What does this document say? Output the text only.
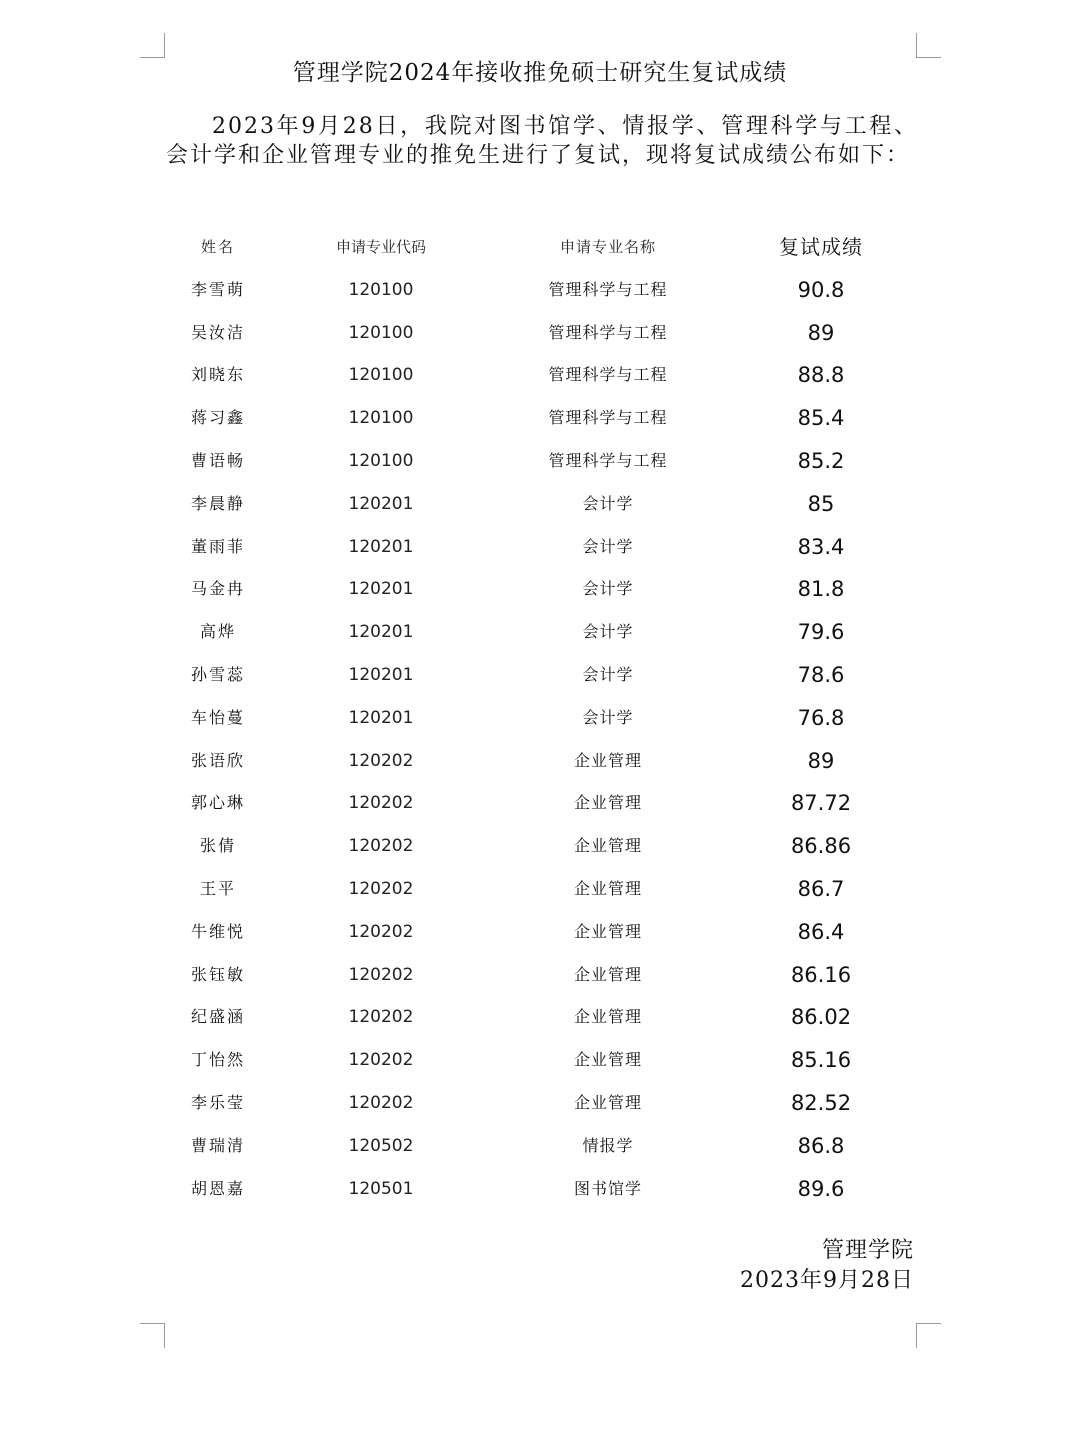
管理学院2024年接收推免硕士研究生复试成绩
2023年9月28日，我院对图书馆学、情报学、管理科学与工程、会计学和企业管理专业的推免生进行了复试，现将复试成绩公布如下：
姓名	申请专业代码	申请专业名称	复试成绩
李雪萌	120100	管理科学与工程	90.8
吴汝洁	120100	管理科学与工程	89
刘晓东	120100	管理科学与工程	88.8
蒋习鑫	120100	管理科学与工程	85.4
曹语畅	120100	管理科学与工程	85.2
李晨静	120201	会计学	85
董雨菲	120201	会计学	83.4
马金冉	120201	会计学	81.8
高烨	120201	会计学	79.6
孙雪蕊	120201	会计学	78.6
车怡蔓	120201	会计学	76.8
张语欣	120202	企业管理	89
郭心琳	120202	企业管理	87.72
张倩	120202	企业管理	86.86
王平	120202	企业管理	86.7
牛维悦	120202	企业管理	86.4
张钰敏	120202	企业管理	86.16
纪盛涵	120202	企业管理	86.02
丁怡然	120202	企业管理	85.16
李乐莹	120202	企业管理	82.52
曹瑞清	120502	情报学	86.8
胡恩嘉	120501	图书馆学	89.6
管理学院
2023年9月28日
